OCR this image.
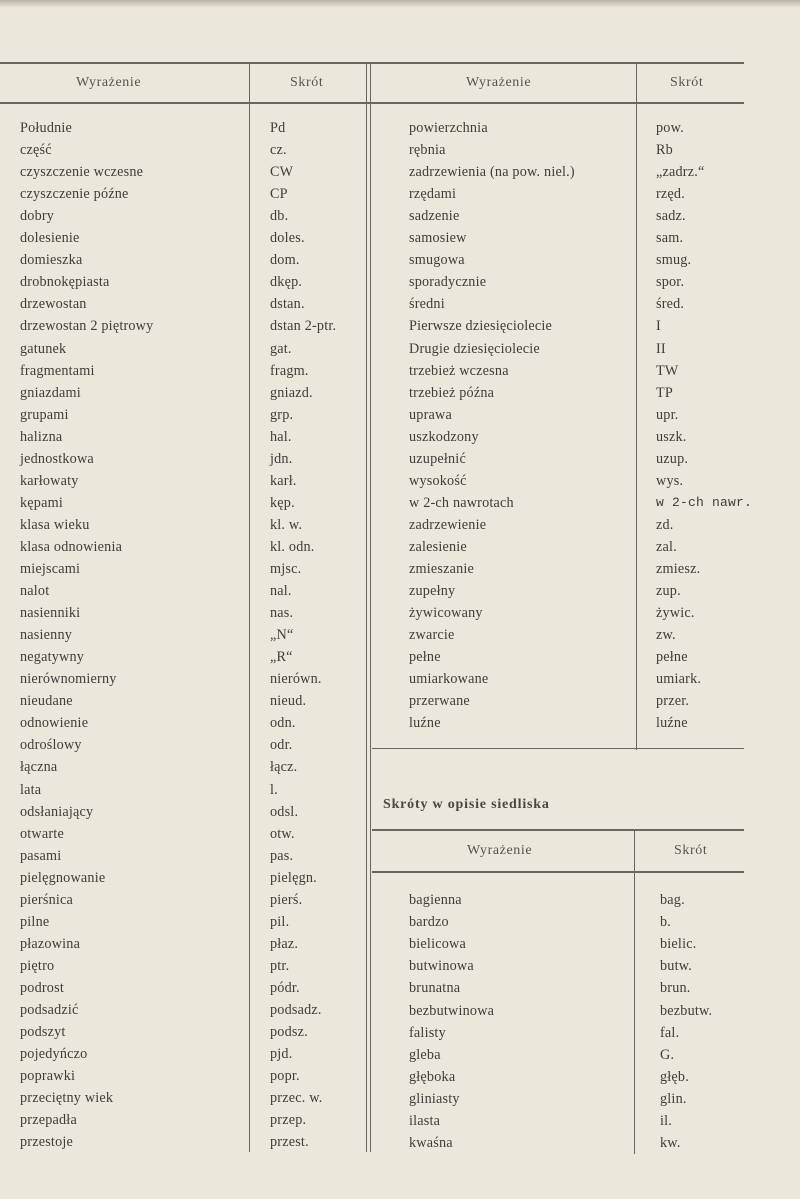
Wyrażenie	Skrót	Wyrażenie	Skrót
Skróty w opisie siedliska
Wyrażenie	Skrót
Południe	Pd
część	cz.
czyszczenie wczesne	CW
czyszczenie późne	CP
dobry	db.
dolesienie	doles.
domieszka	dom.
drobnokępiasta	dkęp.
drzewostan	dstan.
drzewostan 2 piętrowy	dstan 2-ptr.
gatunek	gat.
fragmentami	fragm.
gniazdami	gniazd.
grupami	grp.
halizna	hal.
jednostkowa	jdn.
karłowaty	karł.
kępami	kęp.
klasa wieku	kl. w.
klasa odnowienia	kl. odn.
miejscami	mjsc.
nalot	nal.
nasienniki	nas.
nasienny	„N“
negatywny	„R“
nierównomierny	nierówn.
nieudane	nieud.
odnowienie	odn.
odroślowy	odr.
łączna	łącz.
lata	l.
odsłaniający	odsl.
otwarte	otw.
pasami	pas.
pielęgnowanie	pielęgn.
pierśnica	pierś.
pilne	pil.
płazowina	płaz.
piętro	ptr.
podrost	pódr.
podsadzić	podsadz.
podszyt	podsz.
pojedyńczo	pjd.
poprawki	popr.
przeciętny wiek	przec. w.
przepadła	przep.
przestoje	przest.
powierzchnia	pow.
rębnia	Rb
zadrzewienia (na pow. niel.)	„zadrz.“
rzędami	rzęd.
sadzenie	sadz.
samosiew	sam.
smugowa	smug.
sporadycznie	spor.
średni	śred.
Pierwsze dziesięciolecie	I
Drugie dziesięciolecie	II
trzebież wczesna	TW
trzebież późna	TP
uprawa	upr.
uszkodzony	uszk.
uzupełnić	uzup.
wysokość	wys.
w 2-ch nawrotach	w 2-ch nawr.
zadrzewienie	zd.
zalesienie	zal.
zmieszanie	zmiesz.
zupełny	zup.
żywicowany	żywic.
zwarcie	zw.
pełne	pełne
umiarkowane	umiark.
przerwane	przer.
luźne	luźne
bagienna	bag.
bardzo	b.
bielicowa	bielic.
butwinowa	butw.
brunatna	brun.
bezbutwinowa	bezbutw.
falisty	fal.
gleba	G.
głęboka	głęb.
gliniasty	glin.
ilasta	il.
kwaśna	kw.
